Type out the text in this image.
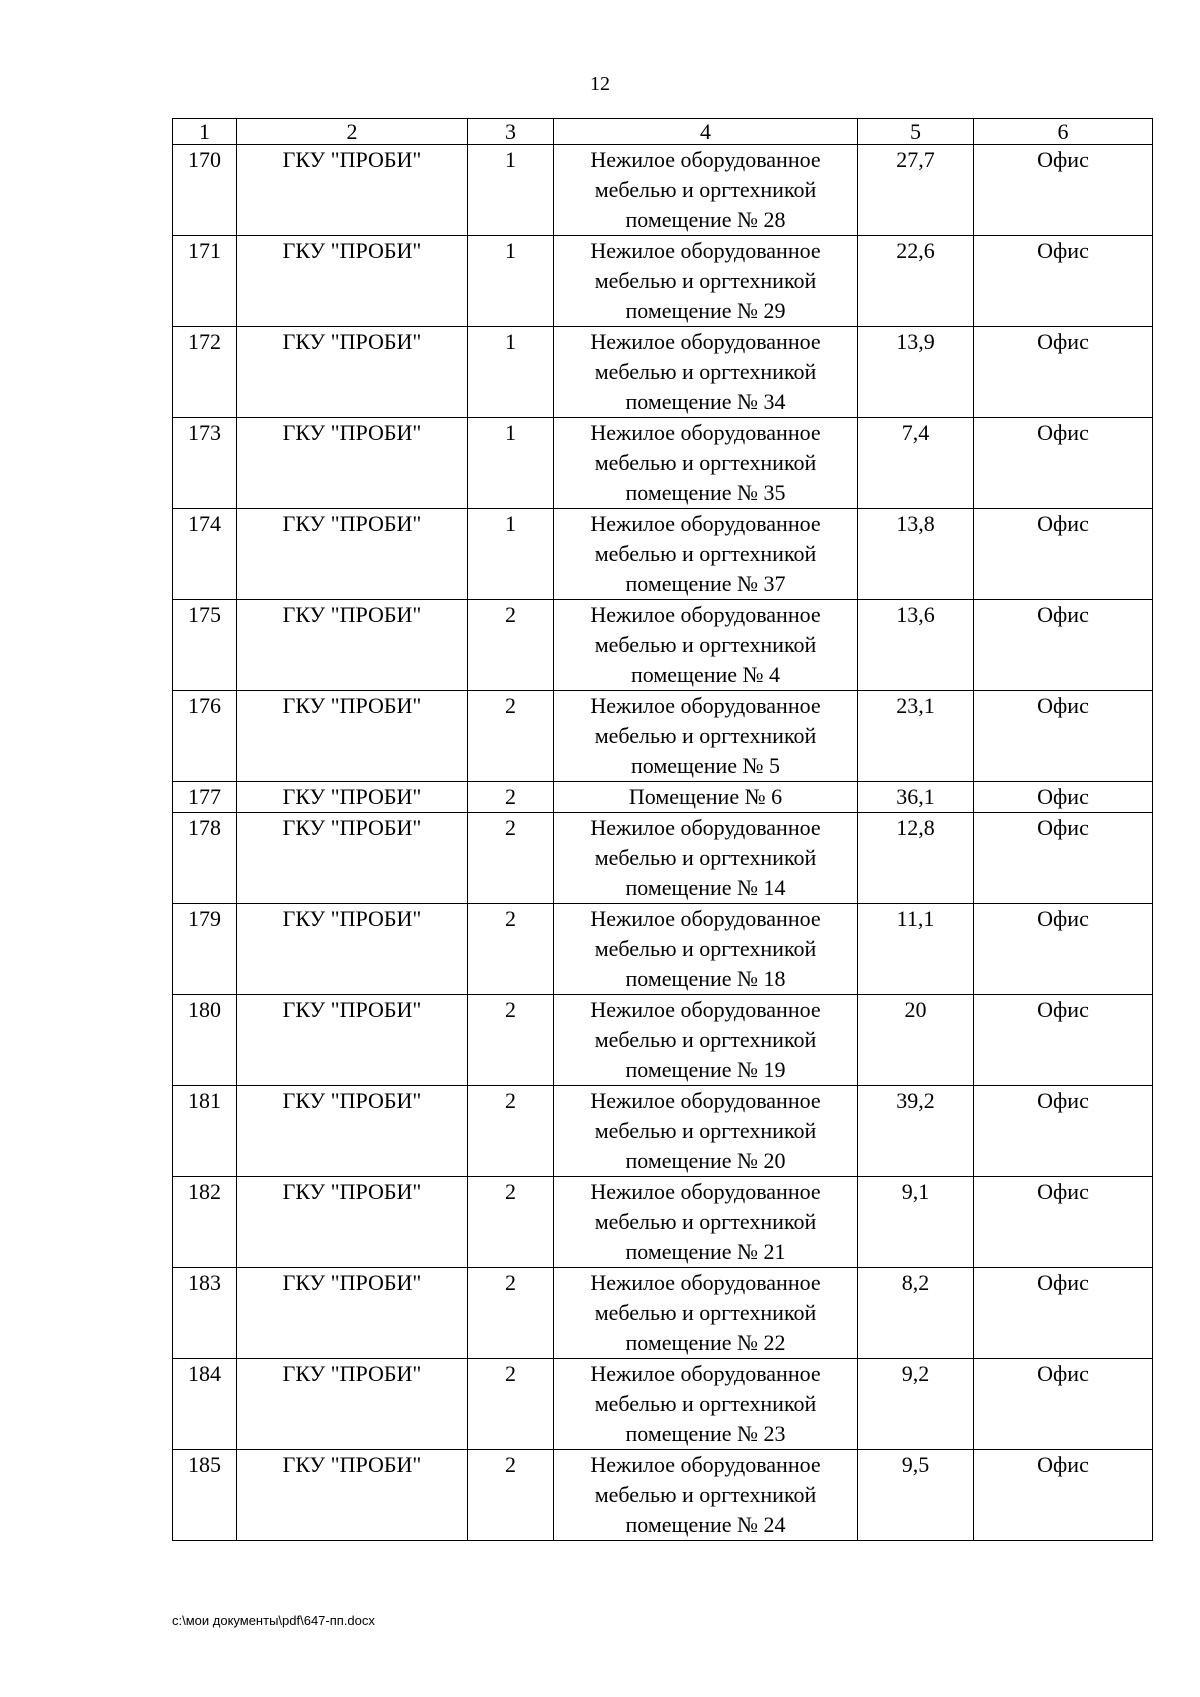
12
1	2	3	4	5	6
170	ГКУ "ПРОБИ"	1	Нежилое оборудованное
мебелью и оргтехникой
помещение № 28	27,7	Офис
171	ГКУ "ПРОБИ"	1	Нежилое оборудованное
мебелью и оргтехникой
помещение № 29	22,6	Офис
172	ГКУ "ПРОБИ"	1	Нежилое оборудованное
мебелью и оргтехникой
помещение № 34	13,9	Офис
173	ГКУ "ПРОБИ"	1	Нежилое оборудованное
мебелью и оргтехникой
помещение № 35	7,4	Офис
174	ГКУ "ПРОБИ"	1	Нежилое оборудованное
мебелью и оргтехникой
помещение № 37	13,8	Офис
175	ГКУ "ПРОБИ"	2	Нежилое оборудованное
мебелью и оргтехникой
помещение № 4	13,6	Офис
176	ГКУ "ПРОБИ"	2	Нежилое оборудованное
мебелью и оргтехникой
помещение № 5	23,1	Офис
177	ГКУ "ПРОБИ"	2	Помещение № 6	36,1	Офис
178	ГКУ "ПРОБИ"	2	Нежилое оборудованное
мебелью и оргтехникой
помещение № 14	12,8	Офис
179	ГКУ "ПРОБИ"	2	Нежилое оборудованное
мебелью и оргтехникой
помещение № 18	11,1	Офис
180	ГКУ "ПРОБИ"	2	Нежилое оборудованное
мебелью и оргтехникой
помещение № 19	20	Офис
181	ГКУ "ПРОБИ"	2	Нежилое оборудованное
мебелью и оргтехникой
помещение № 20	39,2	Офис
182	ГКУ "ПРОБИ"	2	Нежилое оборудованное
мебелью и оргтехникой
помещение № 21	9,1	Офис
183	ГКУ "ПРОБИ"	2	Нежилое оборудованное
мебелью и оргтехникой
помещение № 22	8,2	Офис
184	ГКУ "ПРОБИ"	2	Нежилое оборудованное
мебелью и оргтехникой
помещение № 23	9,2	Офис
185	ГКУ "ПРОБИ"	2	Нежилое оборудованное
мебелью и оргтехникой
помещение № 24	9,5	Офис
c:\мои документы\pdf\647-пп.docx
